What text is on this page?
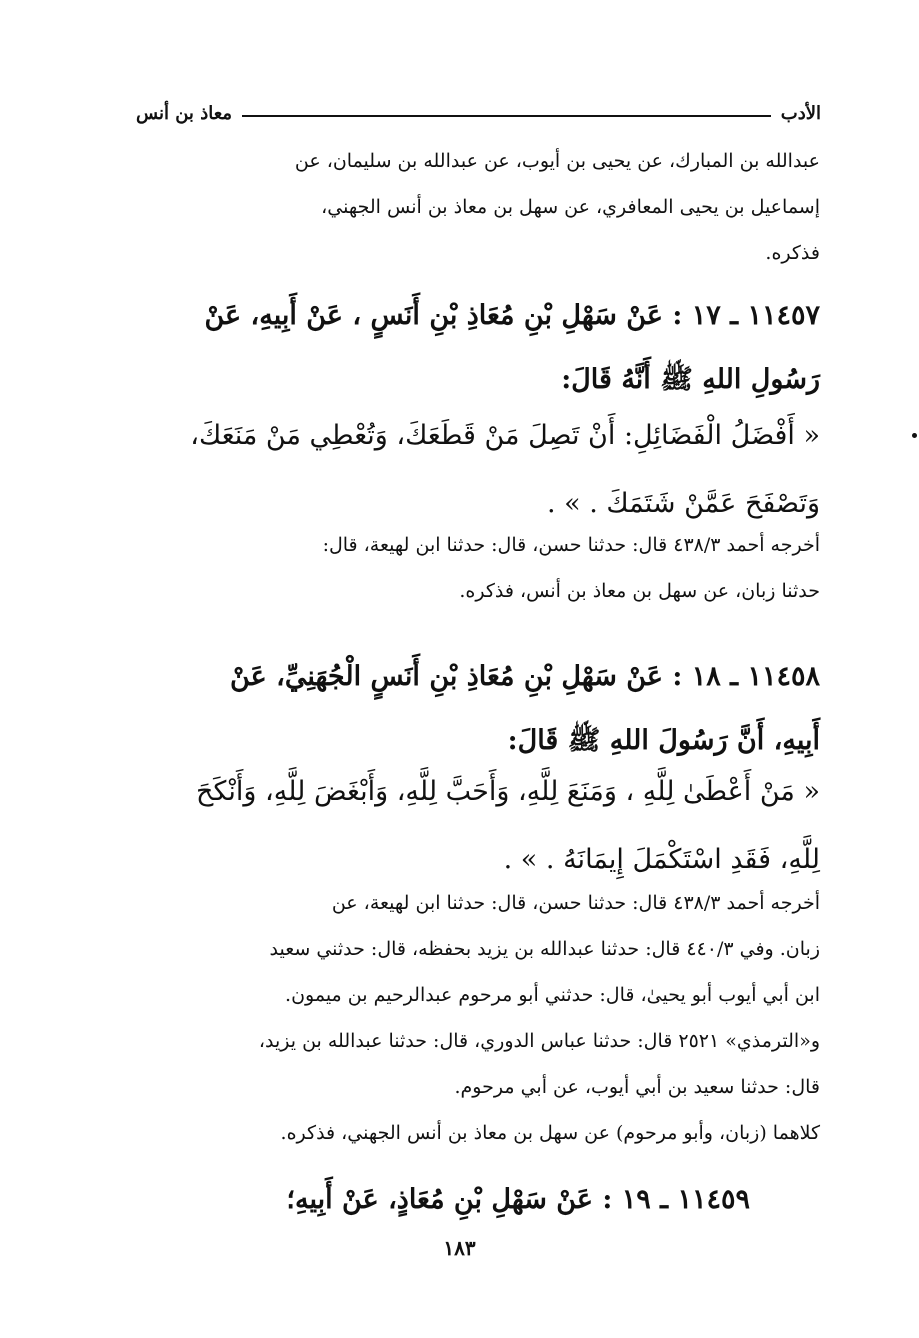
الأدب
معاذ بن أنس
عبدالله بن المبارك، عن يحيى بن أيوب، عن عبدالله بن سليمان، عن
إسماعيل بن يحيى المعافري، عن سهل بن معاذ بن أنس الجهني،
فذكره.
١١٤٥٧ ـ ١٧ : عَنْ سَهْلِ بْنِ مُعَاذِ بْنِ أَنَسٍ ، عَنْ أَبِيهِ، عَنْ
رَسُولِ اللهِ ﷺ أَنَّهُ قَالَ:
« أَفْضَلُ الْفَضَائِلِ: أَنْ تَصِلَ مَنْ قَطَعَكَ، وَتُعْطِي مَنْ مَنَعَكَ،
وَتَصْفَحَ عَمَّنْ شَتَمَكَ . » .
أخرجه أحمد ٤٣٨/٣ قال: حدثنا حسن، قال: حدثنا ابن لهيعة، قال:
حدثنا زبان، عن سهل بن معاذ بن أنس، فذكره.
١١٤٥٨ ـ ١٨ : عَنْ سَهْلِ بْنِ مُعَاذِ بْنِ أَنَسٍ الْجُهَنِيِّ، عَنْ
أَبِيهِ، أَنَّ رَسُولَ اللهِ ﷺ قَالَ:
« مَنْ أَعْطَىٰ لِلَّهِ ، وَمَنَعَ لِلَّهِ، وَأَحَبَّ لِلَّهِ، وَأَبْغَضَ لِلَّهِ، وَأَنْكَحَ
لِلَّهِ، فَقَدِ اسْتَكْمَلَ إِيمَانَهُ . » .
أخرجه أحمد ٤٣٨/٣ قال: حدثنا حسن، قال: حدثنا ابن لهيعة، عن
زبان. وفي ٤٤٠/٣ قال: حدثنا عبدالله بن يزيد بحفظه، قال: حدثني سعيد
ابن أبي أيوب أبو يحيىٰ، قال: حدثني أبو مرحوم عبدالرحيم بن ميمون.
و«الترمذي» ٢٥٢١ قال: حدثنا عباس الدوري، قال: حدثنا عبدالله بن يزيد،
قال: حدثنا سعيد بن أبي أيوب، عن أبي مرحوم.
كلاهما (زبان، وأبو مرحوم) عن سهل بن معاذ بن أنس الجهني، فذكره.
١١٤٥٩ ـ ١٩ : عَنْ سَهْلِ بْنِ مُعَاذٍ، عَنْ أَبِيهِ؛
١٨٣
